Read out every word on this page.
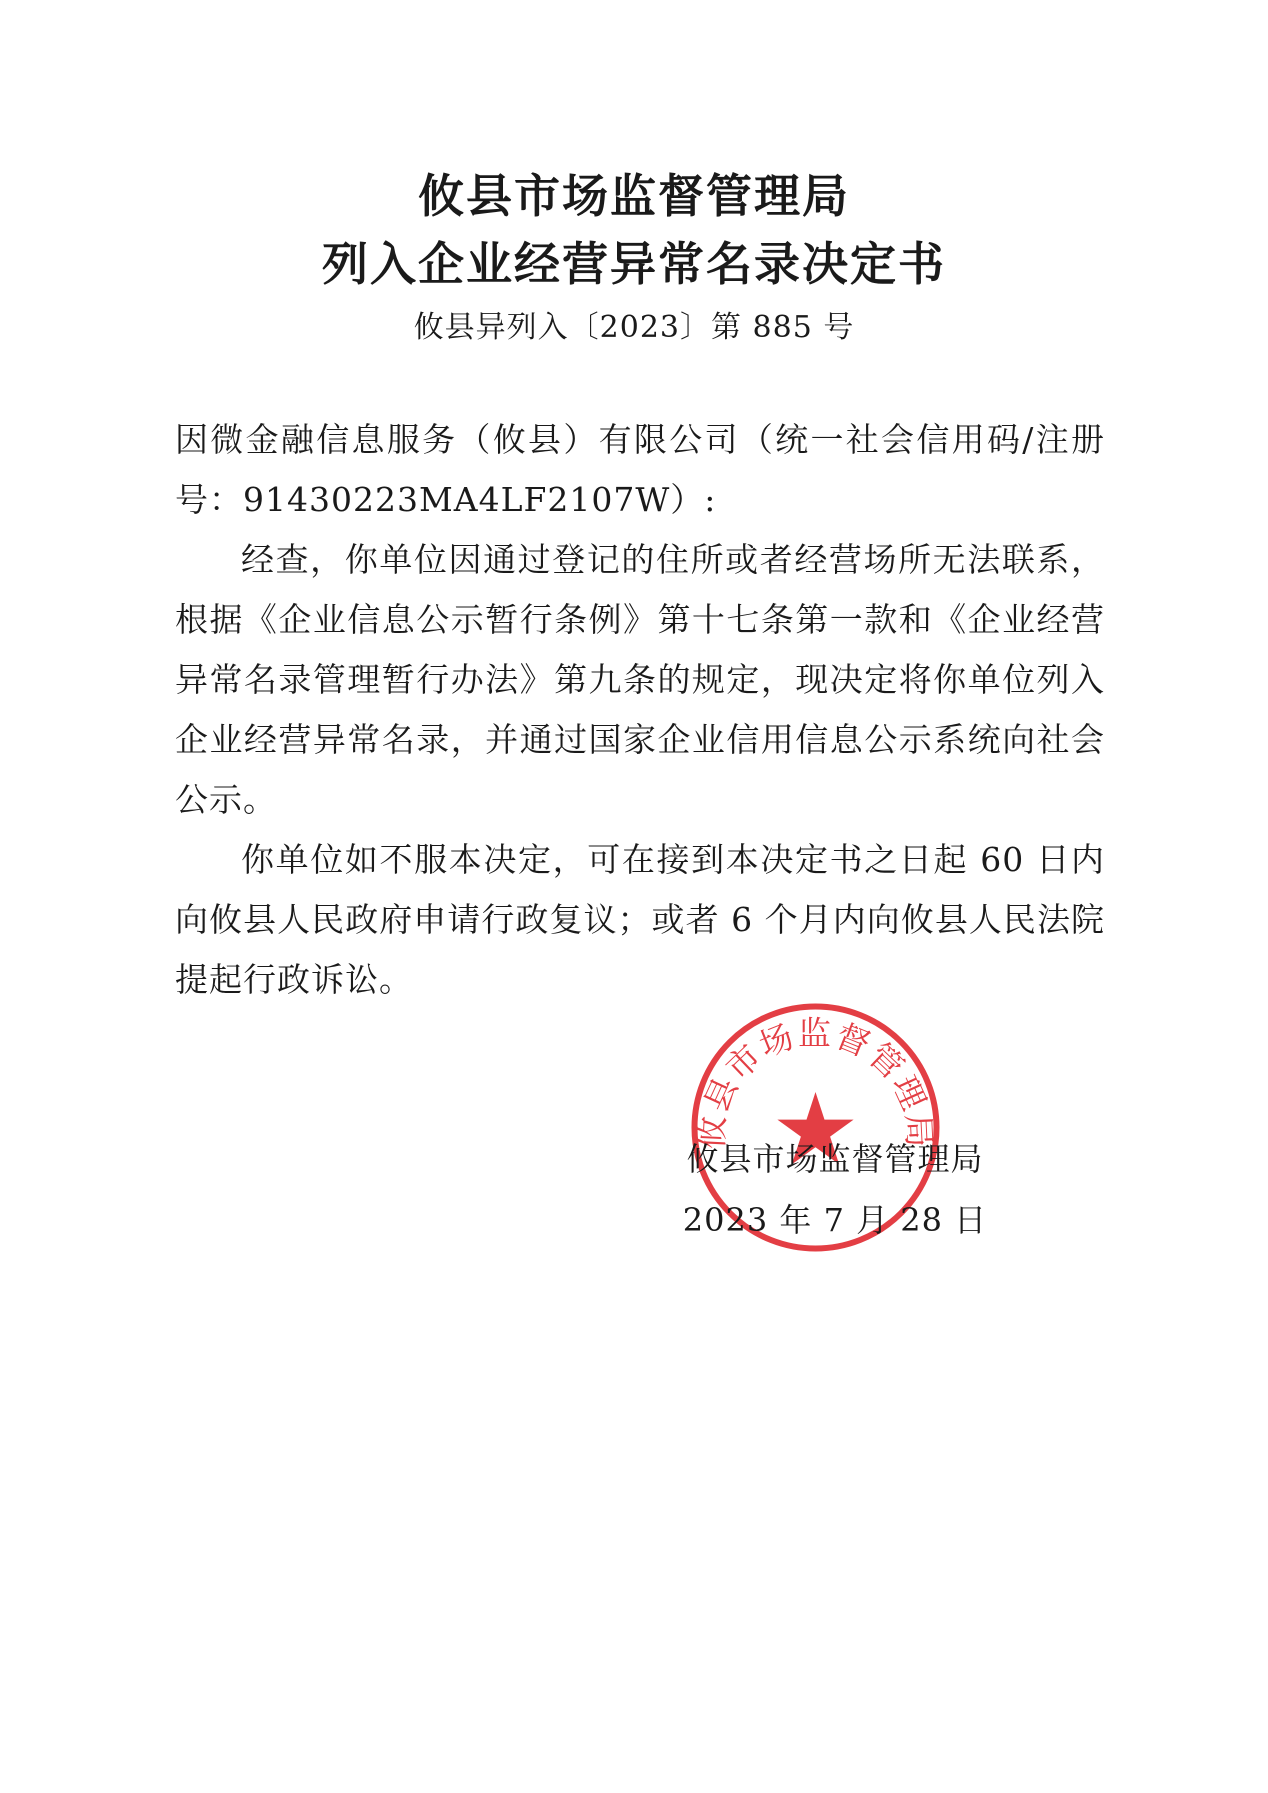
攸县市场监督管理局
列入企业经营异常名录决定书
攸县异列入〔2023〕第 885 号
因微金融信息服务（攸县）有限公司（统一社会信用码/注册号：91430223MA4LF2107W）:
经查，你单位因通过登记的住所或者经营场所无法联系，根据《企业信息公示暂行条例》第十七条第一款和《企业经营异常名录管理暂行办法》第九条的规定，现决定将你单位列入企业经营异常名录，并通过国家企业信用信息公示系统向社会公示。
你单位如不服本决定，可在接到本决定书之日起 60 日内向攸县人民政府申请行政复议；或者 6 个月内向攸县人民法院提起行政诉讼。
攸县市场监督管理局
攸县市场监督管理局
2023 年 7 月 28 日
